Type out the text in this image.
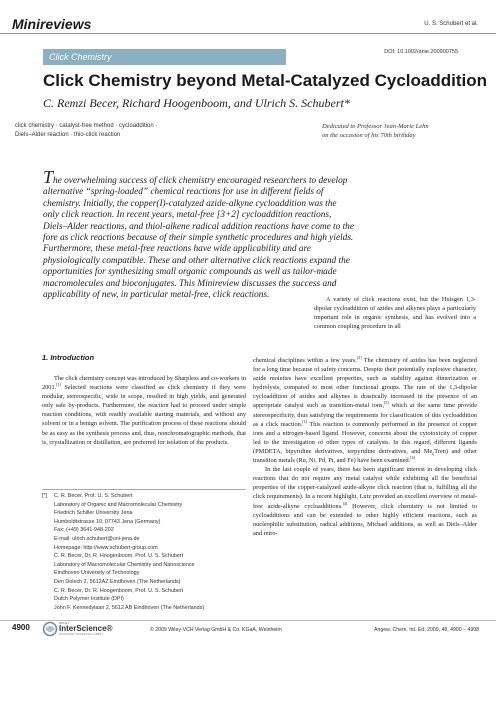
Minireviews	U. S. Schubert et al.
Click Chemistry	DOI: 10.1002/anie.200900755
Click Chemistry beyond Metal-Catalyzed Cycloaddition
C. Remzi Becer, Richard Hoogenboom, and Ulrich S. Schubert*
click chemistry · catalyst-free method · cycloaddition ·
Diels–Alder reaction · thio-click reaction
Dedicated to Professor Jean-Marie Lehn
on the occasion of his 70th birthday
The overwhelming success of click chemistry encouraged researchers to develop alternative “spring-loaded” chemical reactions for use in different fields of chemistry. Initially, the copper(I)-catalyzed azide-alkyne cycloaddition was the only click reaction. In recent years, metal-free [3+2] cycloaddition reactions, Diels–Alder reactions, and thiol-alkene radical addition reactions have come to the fore as click reactions because of their simple synthetic procedures and high yields. Furthermore, these metal-free reactions have wide applicability and are physiologically compatible. These and other alternative click reactions expand the opportunities for synthesizing small organic compounds as well as tailor-made macromolecules and bioconjugates. This Minireview discusses the success and applicability of new, in particular metal-free, click reactions.	A variety of click reactions exist, but the Huisgen 1,3-dipolar cycloaddition of azides and alkynes plays a particularly important role in organic synthesis, and has evolved into a common coupling procedure in all

1. Introduction

The click chemistry concept was introduced by Sharpless and co-workers in 2001.[1] Selected reactions were classified as click chemistry if they were modular, stereospecific, wide in scope, resulted in high yields, and generated only safe by-products. Furthermore, the reaction had to proceed under simple reaction conditions, with readily available starting materials, and without any solvent or in a benign solvent. The purification process of these reactions should be as easy as the synthesis process and, thus, nonchromatographic methods, that is, crystallization or distillation, are preferred for isolation of the products.

chemical disciplines within a few years.[2] The chemistry of azides has been neglected for a long time because of safety concerns. Despite their potentially explosive character, azide moieties have excellent properties, such as stability against dimerization or hydrolysis, compared to most other functional groups. The rate of the 1,3-dipolar cycloaddition of azides and alkynes is drastically increased in the presence of an appropriate catalyst such as transition-metal ions,[3] which at the same time provide stereospecificity, thus satisfying the requirements for classification of this cycloaddition as a click reaction.[1] This reaction is commonly performed in the presence of copper ions and a nitrogen-based ligand. However, concerns about the cytotoxicity of copper led to the investigation of other types of catalysts. In this regard, different ligands (PMDETA, bipyridine derivatives, terpyridine derivatives, and $Me_6Tren$) and other transition metals (Ru, Ni, Pd, Pt, and Fe) have been examined.[3]

In the last couple of years, there has been significant interest in developing click reactions that do not require any metal catalyst while exhibiting all the beneficial properties of the copper-catalyzed azide-alkyne click reaction (that is, fulfilling all the click requirements). In a recent highlight, Lutz provided an excellent overview of metal-free azide-alkyne cycloadditions.[4] However, click chemistry is not limited to cycloadditions and can be extended to other highly efficient reactions, such as nucleophilic substitution, radical additions, Michael additions, as well as Diels–Alder and retro-

[*] C. R. Becer, Prof. U. S. Schubert
Laboratory of Organic and Macromolecular Chemistry
Friedrich Schiller University Jena
Humboldtstrasse 10, 07743 Jena (Germany)
Fax: (+49) 3641-948-202
E-mail: ulrich.schubert@uni-jena.de
Homepage: http://www.schubert-group.com
C. R. Becer, Dr. R. Hoogenboom, Prof. U. S. Schubert
Laboratory of Macromolecular Chemistry and Nanoscience
Eindhoven University of Technology
Den Dolech 2, 5612AZ Eindhoven (The Netherlands)
C. R. Becer, Dr. R. Hoogenboom, Prof. U. S. Schubert
Dutch Polymer Institute (DPI)
John F. Kennedylaan 2, 5612 AB Eindhoven (The Netherlands)
4900	WILEY
InterScience®
DISCOVER SOMETHING GREAT
© 2009 Wiley-VCH Verlag GmbH & Co. KGaA, Weinheim	Angew. Chem. Int. Ed. 2009, 48, 4900 – 4908
